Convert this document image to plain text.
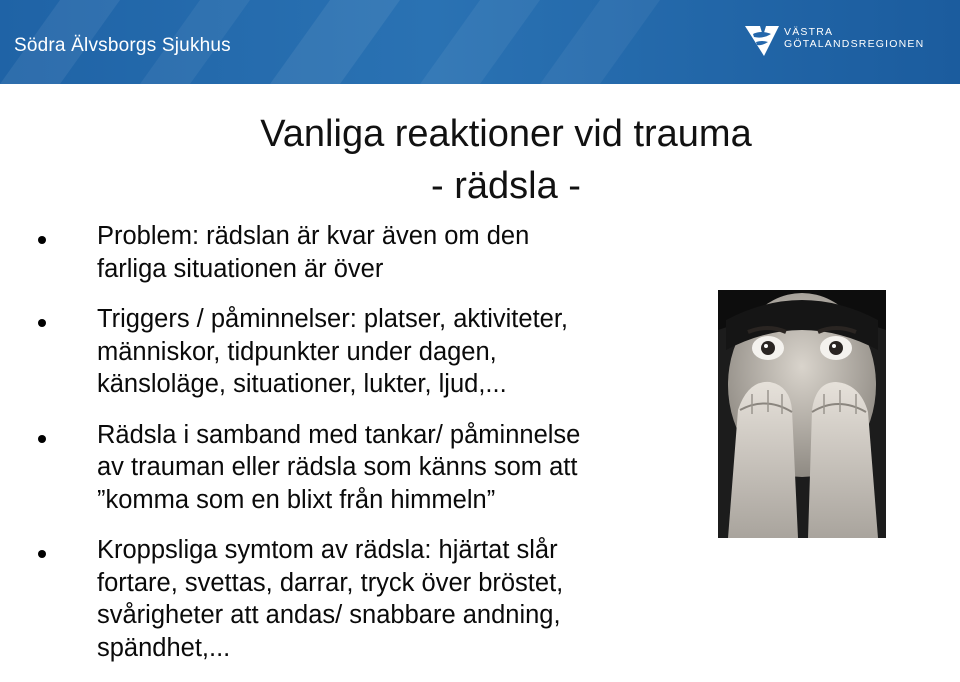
Södra Älvsborgs Sjukhus
VÄSTRA
GÖTALANDSREGIONEN
Vanliga reaktioner vid trauma
- rädsla -
Problem: rädslan är kvar även om den
farliga situationen är över
Triggers / påminnelser: platser, aktiviteter,
människor, tidpunkter under dagen,
känsloläge, situationer, lukter, ljud,...
Rädsla i samband med tankar/ påminnelse
av trauman eller rädsla som känns som att
”komma som en blixt från himmeln”
Kroppsliga symtom av rädsla: hjärtat slår
fortare, svettas, darrar, tryck över bröstet,
svårigheter att andas/ snabbare andning,
spändhet,...
